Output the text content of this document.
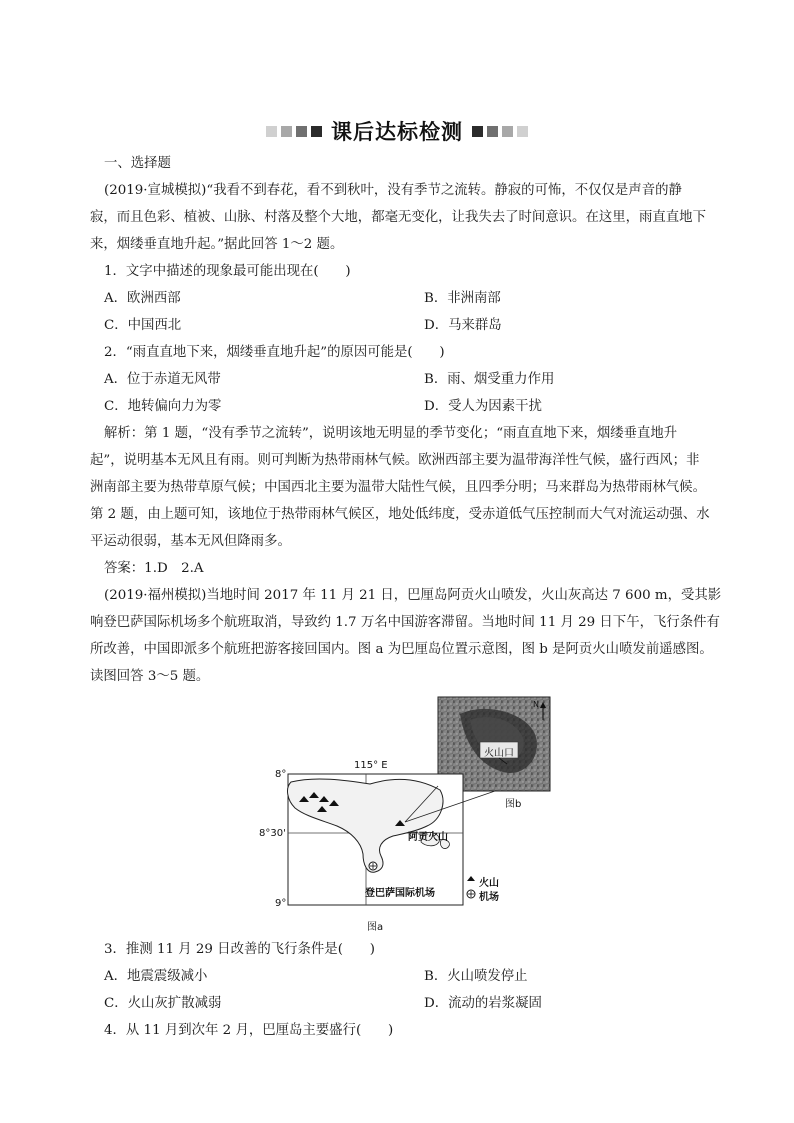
课后达标检测
一、选择题
(2019·宣城模拟)“我看不到春花，看不到秋叶，没有季节之流转。静寂的可怖，不仅仅是声音的静
寂，而且色彩、植被、山脉、村落及整个大地，都毫无变化，让我失去了时间意识。在这里，雨直直地下
来，烟缕垂直地升起。”据此回答 1～2 题。
1．文字中描述的现象最可能出现在(　　)
A．欧洲西部	B．非洲南部
C．中国西北	D．马来群岛
2．“雨直直地下来，烟缕垂直地升起”的原因可能是(　　)
A．位于赤道无风带	B．雨、烟受重力作用
C．地转偏向力为零	D．受人为因素干扰
解析：第 1 题，“没有季节之流转”，说明该地无明显的季节变化；“雨直直地下来，烟缕垂直地升
起”，说明基本无风且有雨。则可判断为热带雨林气候。欧洲西部主要为温带海洋性气候，盛行西风；非
洲南部主要为热带草原气候；中国西北主要为温带大陆性气候，且四季分明；马来群岛为热带雨林气候。
第 2 题，由上题可知，该地位于热带雨林气候区，地处低纬度，受赤道低气压控制而大气对流运动强、水
平运动很弱，基本无风但降雨多。
答案：1.D　2.A
(2019·福州模拟)当地时间 2017 年 11 月 21 日，巴厘岛阿贡火山喷发，火山灰高达 7 600 m，受其影
响登巴萨国际机场多个航班取消，导致约 1.7 万名中国游客滞留。当地时间 11 月 29 日下午，飞行条件有
所改善，中国即派多个航班把游客接回国内。图 a 为巴厘岛位置示意图，图 b 是阿贡火山喷发前遥感图。
读图回答 3～5 题。
115° E
8°
8°30'
9°
阿贡火山
登巴萨国际机场
火山口
图b
图a
N
火山
机场
3．推测 11 月 29 日改善的飞行条件是(　　)
A．地震震级减小	B．火山喷发停止
C．火山灰扩散减弱	D．流动的岩浆凝固
4．从 11 月到次年 2 月，巴厘岛主要盛行(　　)
